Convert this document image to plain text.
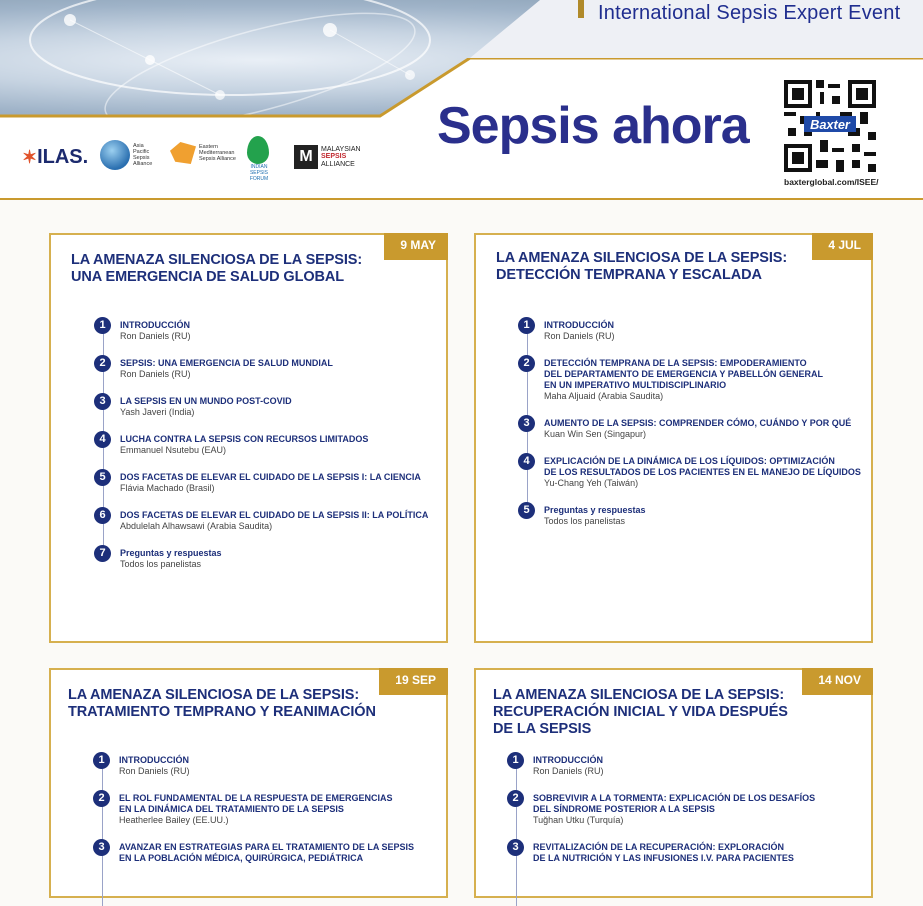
International Sepsis Expert Event
Sepsis ahora	Baxter
baxterglobal.com/ISEE/
✶ILAS.	Asia Pacific Sepsis Alliance
Eastern Mediterranean Sepsis Alliance
INDIAN SEPSIS FORUM
M	MALAYSIAN
SEPSIS
ALLIANCE
9 MAY
LA AMENAZA SILENCIOSA DE LA SEPSIS:
UNA EMERGENCIA DE SALUD GLOBAL
1	INTRODUCCIÓN
Ron Daniels (RU)
2	SEPSIS: UNA EMERGENCIA DE SALUD MUNDIAL
Ron Daniels (RU)
3	LA SEPSIS EN UN MUNDO POST-COVID
Yash Javeri (India)
4	LUCHA CONTRA LA SEPSIS CON RECURSOS LIMITADOS
Emmanuel Nsutebu (EAU)
5	DOS FACETAS DE ELEVAR EL CUIDADO DE LA SEPSIS I: LA CIENCIA
Flávia Machado (Brasil)
6	DOS FACETAS DE ELEVAR EL CUIDADO DE LA SEPSIS II: LA POLÍTICA
Abdulelah Alhawsawi (Arabia Saudita)
7	Preguntas y respuestas
Todos los panelistas
4 JUL
LA AMENAZA SILENCIOSA DE LA SEPSIS:
DETECCIÓN TEMPRANA Y ESCALADA
1	INTRODUCCIÓN
Ron Daniels (RU)
2	DETECCIÓN TEMPRANA DE LA SEPSIS: EMPODERAMIENTO
DEL DEPARTAMENTO DE EMERGENCIA Y PABELLÓN GENERAL
EN UN IMPERATIVO MULTIDISCIPLINARIO
Maha Aljuaid (Arabia Saudita)
3	AUMENTO DE LA SEPSIS: COMPRENDER CÓMO, CUÁNDO Y POR QUÉ
Kuan Win Sen (Singapur)
4	EXPLICACIÓN DE LA DINÁMICA DE LOS LÍQUIDOS: OPTIMIZACIÓN
DE LOS RESULTADOS DE LOS PACIENTES EN EL MANEJO DE LÍQUIDOS
Yu-Chang Yeh (Taiwán)
5	Preguntas y respuestas
Todos los panelistas
19 SEP
LA AMENAZA SILENCIOSA DE LA SEPSIS:
TRATAMIENTO TEMPRANO Y REANIMACIÓN
1	INTRODUCCIÓN
Ron Daniels (RU)
2	EL ROL FUNDAMENTAL DE LA RESPUESTA DE EMERGENCIAS
EN LA DINÁMICA DEL TRATAMIENTO DE LA SEPSIS
Heatherlee Bailey (EE.UU.)
3	AVANZAR EN ESTRATEGIAS PARA EL TRATAMIENTO DE LA SEPSIS
EN LA POBLACIÓN MÉDICA, QUIRÚRGICA, PEDIÁTRICA
14 NOV
LA AMENAZA SILENCIOSA DE LA SEPSIS:
RECUPERACIÓN INICIAL Y VIDA DESPUÉS
DE LA SEPSIS
1	INTRODUCCIÓN
Ron Daniels (RU)
2	SOBREVIVIR A LA TORMENTA: EXPLICACIÓN DE LOS DESAFÍOS
DEL SÍNDROME POSTERIOR A LA SEPSIS
Tuğhan Utku (Turquía)
3	REVITALIZACIÓN DE LA RECUPERACIÓN: EXPLORACIÓN
DE LA NUTRICIÓN Y LAS INFUSIONES I.V. PARA PACIENTES
